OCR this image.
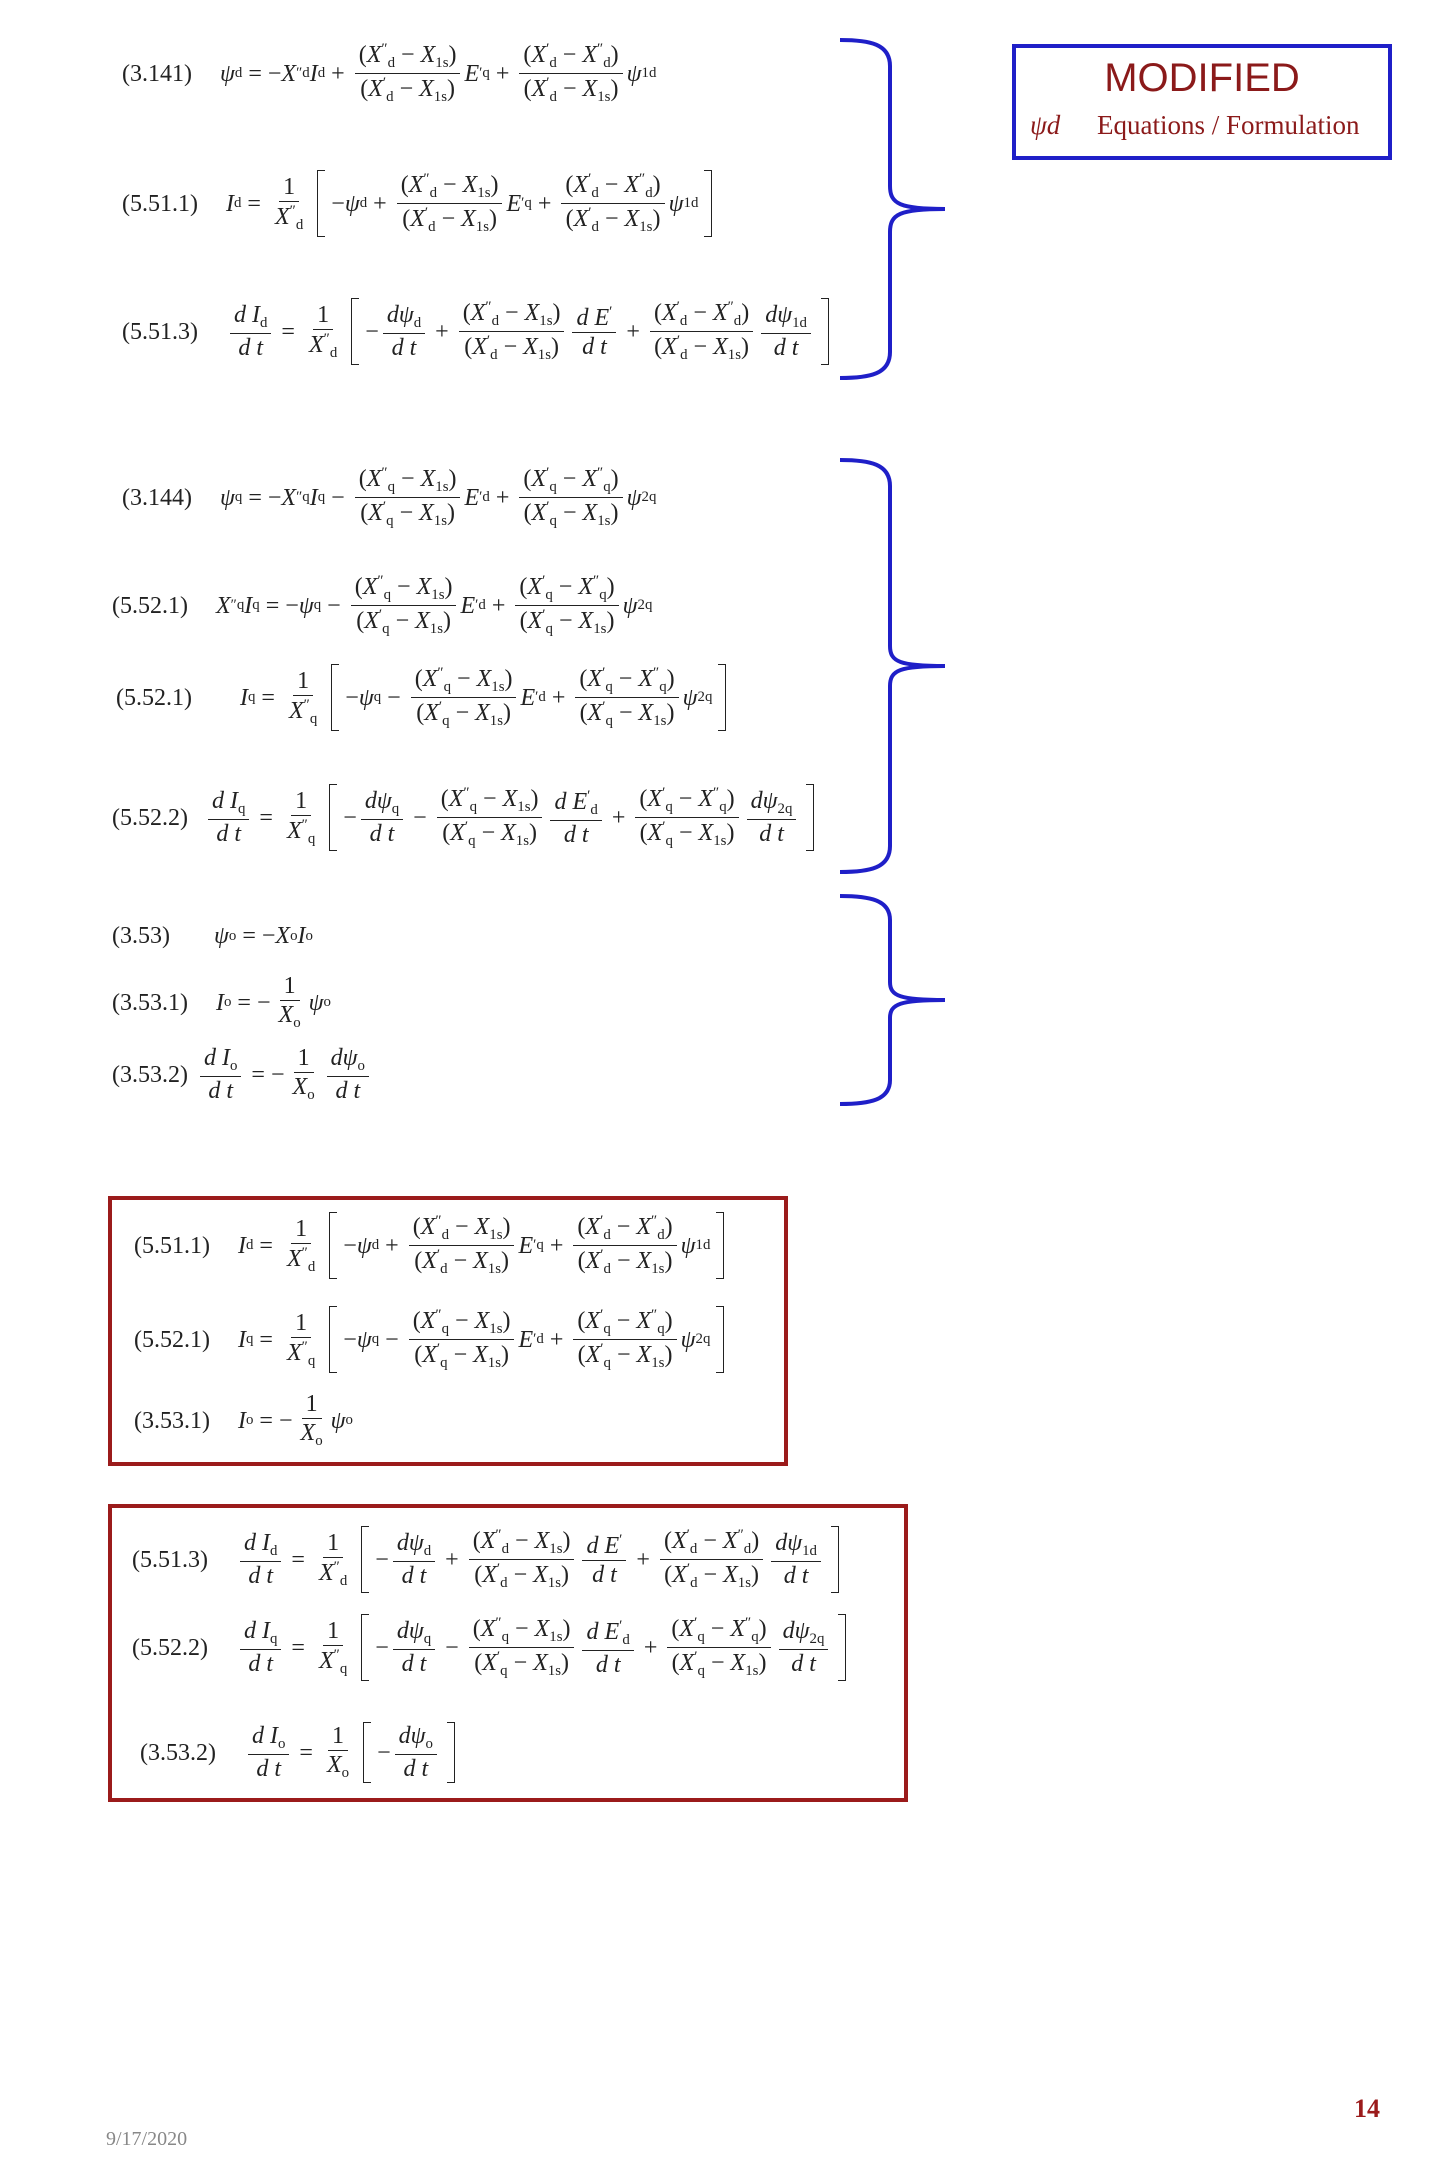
MODIFIED
ψd Equations / Formulation
(3.141) ψ d = − X ″ d I $d + \frac{(X''_d - X_{1s})}{(X'_d - X_{1s})}$ E ′ $q + \frac{(X'_d - X''_d)}{(X'_d - X_{1s})}$ ψ 1d
(5.51.1) I $d = \frac{1}{X''_d} - \psi$ $d + \frac{(X''_d - X_{1s})}{(X'_d - X_{1s})}$ E ′ $q + \frac{(X'_d - X''_d)}{(X'_d - X_{1s})}$ ψ 1d
$(5.51.3) \frac{d I_d}{\text{d t}} = \frac{1}{X''_d} - \frac{d\psi_d}{\text{d t}} + \frac{(X''_d - X_{1s})}{(X'_d - X_{1s})} \frac{d E'}{\text{d t}} + \frac{(X'_d - X''_d)}{(X'_d - X_{1s})} \frac{d\psi_{1d}}{\text{d t}}$
(3.144) ψ q = − X ″ q I $q - \frac{(X''_q - X_{1s})}{(X'_q - X_{1s})}$ E ′ $d + \frac{(X'_q - X''_q)}{(X'_q - X_{1s})}$ ψ 2q
(5.52.1) X ″ q I q = − ψ $q - \frac{(X''_q - X_{1s})}{(X'_q - X_{1s})}$ E ′ $d + \frac{(X'_q - X''_q)}{(X'_q - X_{1s})}$ ψ 2q
(5.52.1) I $q = \frac{1}{X''_q} - \psi$ $q - \frac{(X''_q - X_{1s})}{(X'_q - X_{1s})}$ E ′ $d + \frac{(X'_q - X''_q)}{(X'_q - X_{1s})}$ ψ 2q
$(5.52.2) \frac{d I_q}{\text{d t}} = \frac{1}{X''_q} - \frac{d\psi_q}{\text{d t}} - \frac{(X''_q - X_{1s})}{(X'_q - X_{1s})} \frac{d E'_d}{\text{d t}} + \frac{(X'_q - X''_q)}{(X'_q - X_{1s})} \frac{d\psi_{2q}}{\text{d t}}$
(3.53) ψ o = − X o I o
(3.53.1) I o = − $\frac{1}{X_o}$ ψ o
$(3.53.2) \frac{d I_o}{\text{d t}}$ = − $\frac{1}{X_o} \frac{d\psi_o}{\text{d t}}$
(5.51.1) I $d = \frac{1}{X''_d} - \psi$ $d + \frac{(X''_d - X_{1s})}{(X'_d - X_{1s})}$ E ′ $q + \frac{(X'_d - X''_d)}{(X'_d - X_{1s})}$ ψ 1d
(5.52.1) I $q = \frac{1}{X''_q} - \psi$ $q - \frac{(X''_q - X_{1s})}{(X'_q - X_{1s})}$ E ′ $d + \frac{(X'_q - X''_q)}{(X'_q - X_{1s})}$ ψ 2q
(3.53.1) I o = − $\frac{1}{X_o}$ ψ o
$(5.51.3) \frac{d I_d}{\text{d t}} = \frac{1}{X''_d} - \frac{d\psi_d}{\text{d t}} + \frac{(X''_d - X_{1s})}{(X'_d - X_{1s})} \frac{d E'}{\text{d t}} + \frac{(X'_d - X''_d)}{(X'_d - X_{1s})} \frac{d\psi_{1d}}{\text{d t}}$
$(5.52.2) \frac{d I_q}{\text{d t}} = \frac{1}{X''_q} - \frac{d\psi_q}{\text{d t}} - \frac{(X''_q - X_{1s})}{(X'_q - X_{1s})} \frac{d E'_d}{\text{d t}} + \frac{(X'_q - X''_q)}{(X'_q - X_{1s})} \frac{d\psi_{2q}}{\text{d t}}$
$(3.53.2) \frac{d I_o}{\text{d t}} = \frac{1}{X_o} - \frac{d\psi_o}{\text{d t}}$
14
9/17/2020
